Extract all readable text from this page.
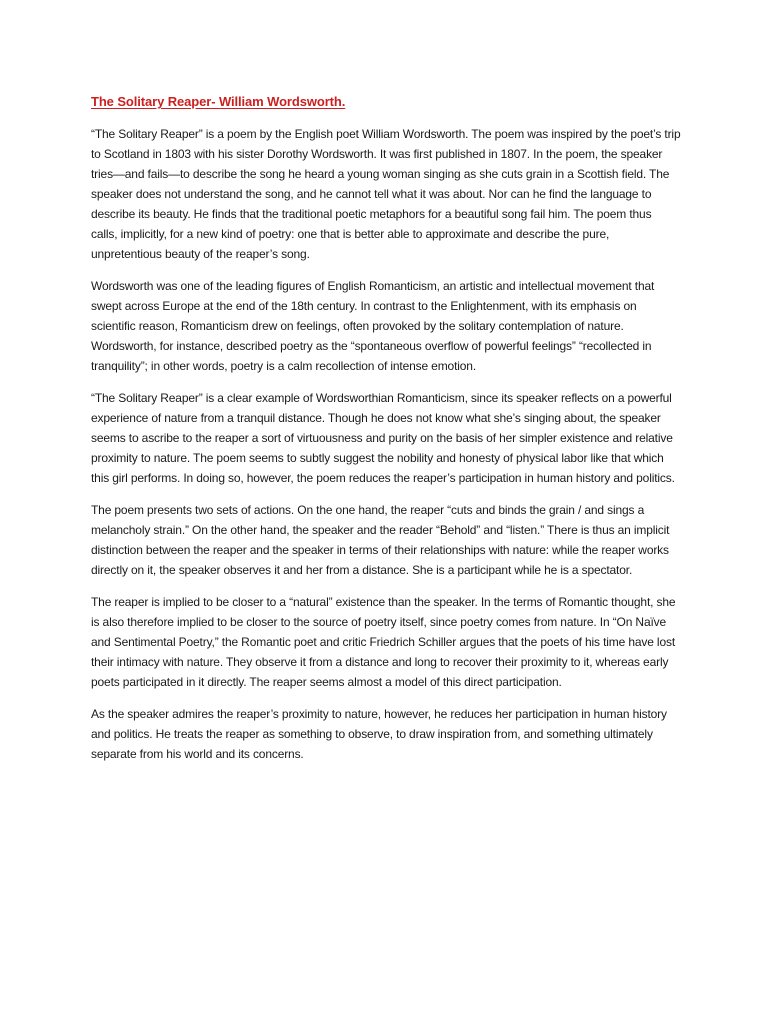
The Solitary Reaper- William Wordsworth.

“The Solitary Reaper” is a poem by the English poet William Wordsworth. The poem was inspired by the poet’s trip to Scotland in 1803 with his sister Dorothy Wordsworth. It was first published in 1807. In the poem, the speaker tries—and fails—to describe the song he heard a young woman singing as she cuts grain in a Scottish field. The speaker does not understand the song, and he cannot tell what it was about. Nor can he find the language to describe its beauty. He finds that the traditional poetic metaphors for a beautiful song fail him. The poem thus calls, implicitly, for a new kind of poetry: one that is better able to approximate and describe the pure, unpretentious beauty of the reaper’s song.

Wordsworth was one of the leading figures of English Romanticism, an artistic and intellectual movement that swept across Europe at the end of the 18th century. In contrast to the Enlightenment, with its emphasis on scientific reason, Romanticism drew on feelings, often provoked by the solitary contemplation of nature. Wordsworth, for instance, described poetry as the “spontaneous overflow of powerful feelings” “recollected in tranquility”; in other words, poetry is a calm recollection of intense emotion.

“The Solitary Reaper” is a clear example of Wordsworthian Romanticism, since its speaker reflects on a powerful experience of nature from a tranquil distance. Though he does not know what she’s singing about, the speaker seems to ascribe to the reaper a sort of virtuousness and purity on the basis of her simpler existence and relative proximity to nature. The poem seems to subtly suggest the nobility and honesty of physical labor like that which this girl performs. In doing so, however, the poem reduces the reaper’s participation in human history and politics.

The poem presents two sets of actions. On the one hand, the reaper “cuts and binds the grain / and sings a melancholy strain.” On the other hand, the speaker and the reader “Behold” and “listen.” There is thus an implicit distinction between the reaper and the speaker in terms of their relationships with nature: while the reaper works directly on it, the speaker observes it and her from a distance. She is a participant while he is a spectator.

The reaper is implied to be closer to a “natural” existence than the speaker. In the terms of Romantic thought, she is also therefore implied to be closer to the source of poetry itself, since poetry comes from nature. In “On Naïve and Sentimental Poetry,” the Romantic poet and critic Friedrich Schiller argues that the poets of his time have lost their intimacy with nature. They observe it from a distance and long to recover their proximity to it, whereas early poets participated in it directly. The reaper seems almost a model of this direct participation.

As the speaker admires the reaper’s proximity to nature, however, he reduces her participation in human history and politics. He treats the reaper as something to observe, to draw inspiration from, and something ultimately separate from his world and its concerns.
